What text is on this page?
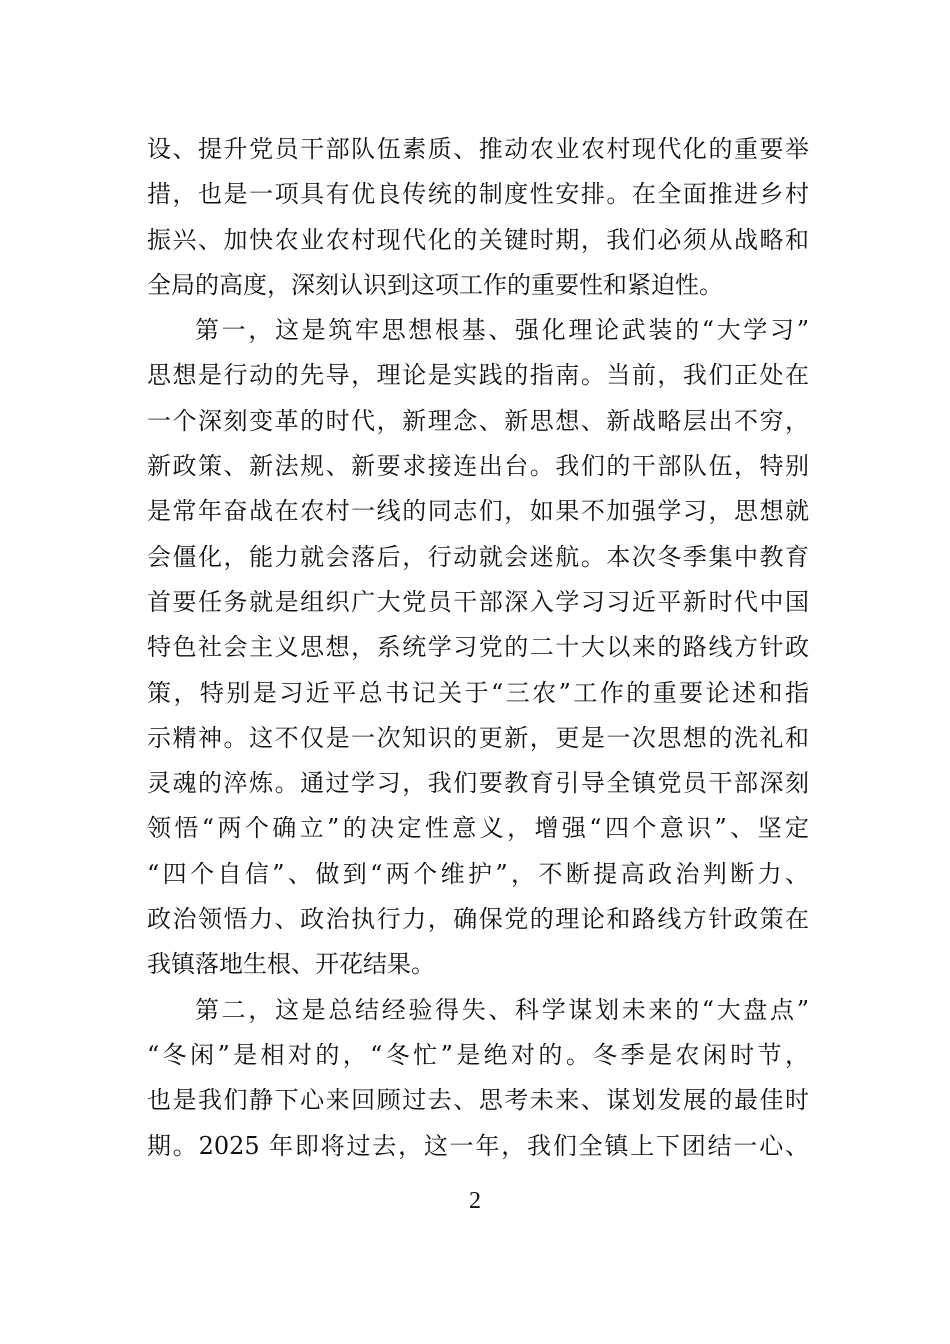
设、提升党员干部队伍素质、推动农业农村现代化的重要举
措，也是一项具有优良传统的制度性安排。在全面推进乡村
振兴、加快农业农村现代化的关键时期，我们必须从战略和
全局的高度，深刻认识到这项工作的重要性和紧迫性。
第一，这是筑牢思想根基、强化理论武装的“大学习”
思想是行动的先导，理论是实践的指南。当前，我们正处在
一个深刻变革的时代，新理念、新思想、新战略层出不穷，
新政策、新法规、新要求接连出台。我们的干部队伍，特别
是常年奋战在农村一线的同志们，如果不加强学习，思想就
会僵化，能力就会落后，行动就会迷航。本次冬季集中教育
首要任务就是组织广大党员干部深入学习习近平新时代中国
特色社会主义思想，系统学习党的二十大以来的路线方针政
策，特别是习近平总书记关于“三农”工作的重要论述和指
示精神。这不仅是一次知识的更新，更是一次思想的洗礼和
灵魂的淬炼。通过学习，我们要教育引导全镇党员干部深刻
领悟“两个确立”的决定性意义，增强“四个意识”、坚定
“四个自信”、做到“两个维护”，不断提高政治判断力、
政治领悟力、政治执行力，确保党的理论和路线方针政策在
我镇落地生根、开花结果。
第二，这是总结经验得失、科学谋划未来的“大盘点”
“冬闲”是相对的，“冬忙”是绝对的。冬季是农闲时节，
也是我们静下心来回顾过去、思考未来、谋划发展的最佳时
期。2025 年即将过去，这一年，我们全镇上下团结一心、
2
